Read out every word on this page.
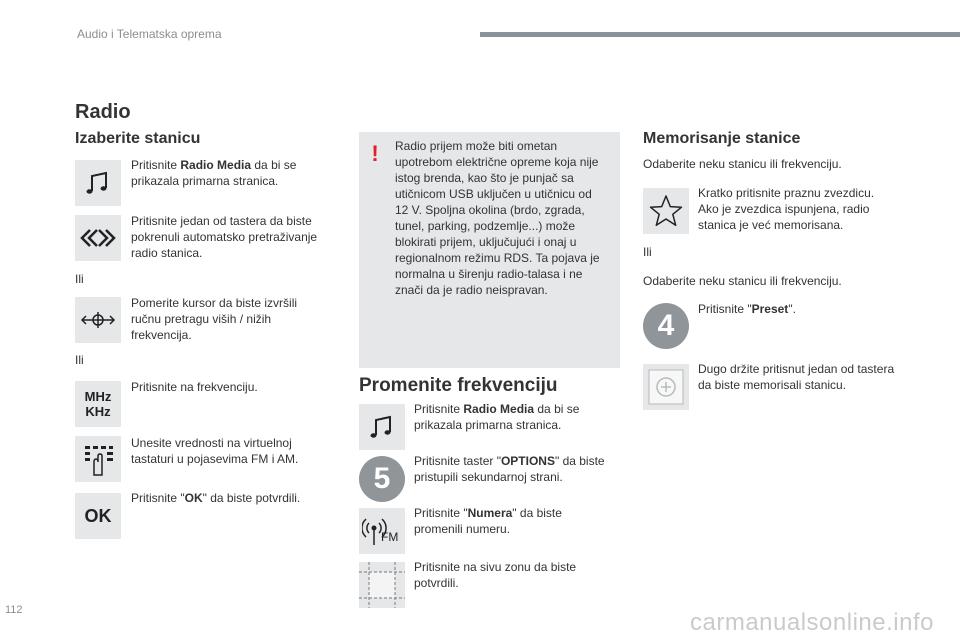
Audio i Telematska oprema
Radio
Izaberite stanicu
Pritisnite Radio Media da bi se prikazala primarna stranica.
Pritisnite jedan od tastera da biste pokrenuli automatsko pretraživanje radio stanica.
Ili
Pomerite kursor da biste izvršili ručnu pretragu viših / nižih frekvencija.
Ili
MHz
KHz
Pritisnite na frekvenciju.
Unesite vrednosti na virtuelnoj tastaturi u pojasevima FM i AM.
OK
Pritisnite "OK" da biste potvrdili.
! Radio prijem može biti ometan upotrebom električne opreme koja nije istog brenda, kao što je punjač sa utičnicom USB uključen u utičnicu od 12 V. Spoljna okolina (brdo, zgrada, tunel, parking, podzemlje...) može blokirati prijem, uključujući i onaj u regionalnom režimu RDS. Ta pojava je normalna u širenju radio-talasa i ne znači da je radio neispravan.
Promenite frekvenciju
Pritisnite Radio Media da bi se prikazala primarna stranica.
5
Pritisnite taster "OPTIONS" da biste pristupili sekundarnoj strani.
FM
Pritisnite "Numera" da biste promenili numeru.
Pritisnite na sivu zonu da biste potvrdili.
Memorisanje stanice
Odaberite neku stanicu ili frekvenciju.
Kratko pritisnite praznu zvezdicu. Ako je zvezdica ispunjena, radio stanica je već memorisana.
Ili
Odaberite neku stanicu ili frekvenciju.
4	Pritisnite "Preset".
Dugo držite pritisnut jedan od tastera da biste memorisali stanicu.
112	carmanualsonline.info
